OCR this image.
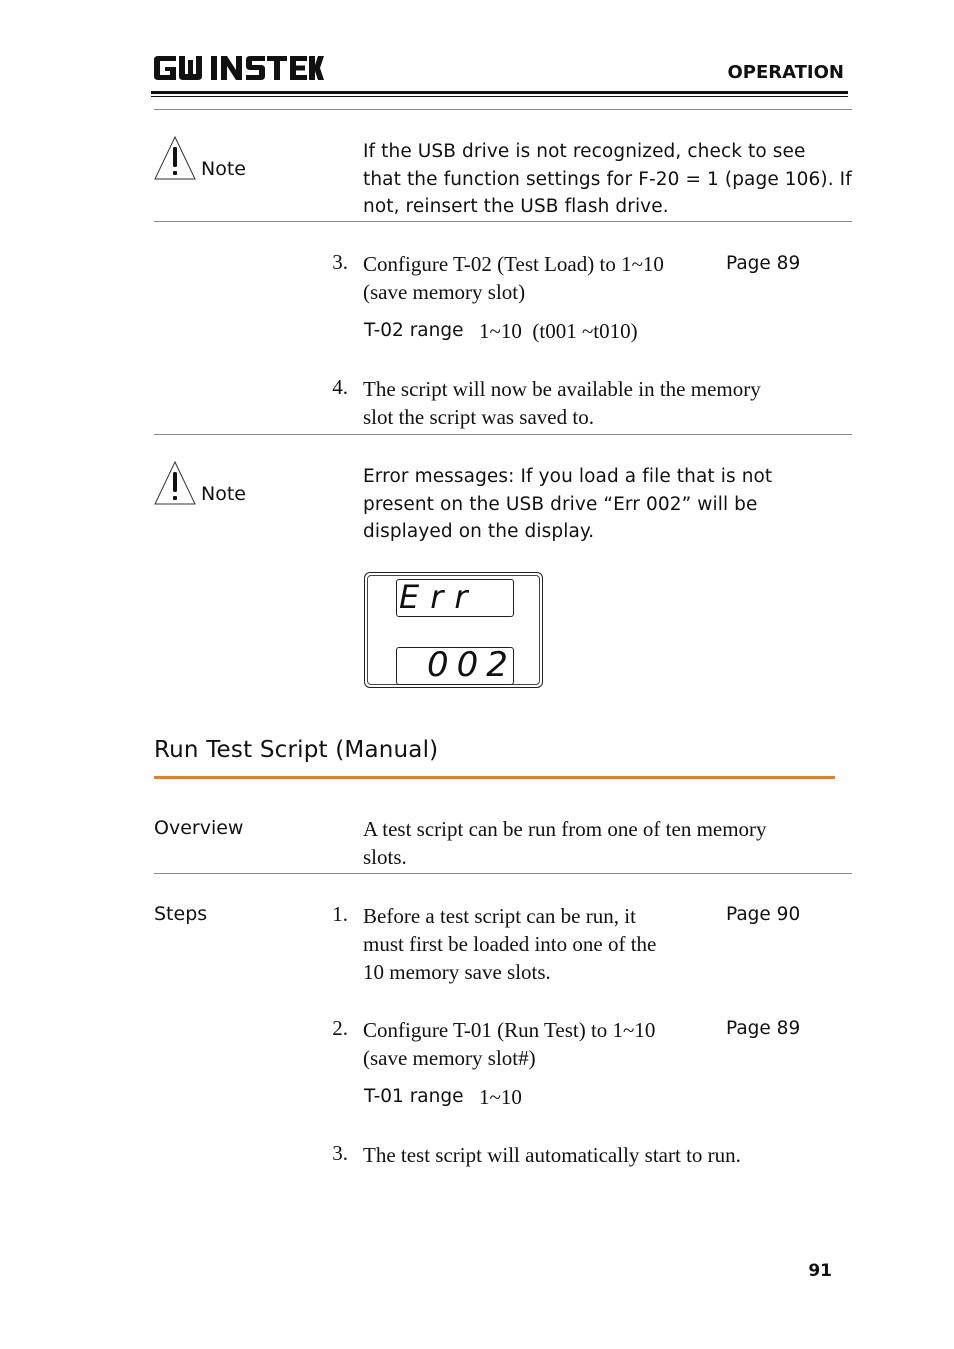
OPERATION
Note
If the USB drive is not recognized, check to see
that the function settings for F-20 = 1 (page 106). If
not, reinsert the USB flash drive.
3. Configure T-02 (Test Load) to 1~10
(save memory slot)
Page 89
T-02 range 1~10  (t001 ~t010)
4. The script will now be available in the memory
slot the script was saved to.
Note
Error messages: If you load a file that is not
present on the USB drive “Err 002” will be
displayed on the display.
Err
002
Run Test Script (Manual)
Overview	A test script can be run from one of ten memory
slots.
Steps	1. Before a test script can be run, it
must first be loaded into one of the
10 memory save slots.
Page 90
2. Configure T-01 (Run Test) to 1~10
(save memory slot#)
Page 89
T-01 range 1~10
3. The test script will automatically start to run.
91
